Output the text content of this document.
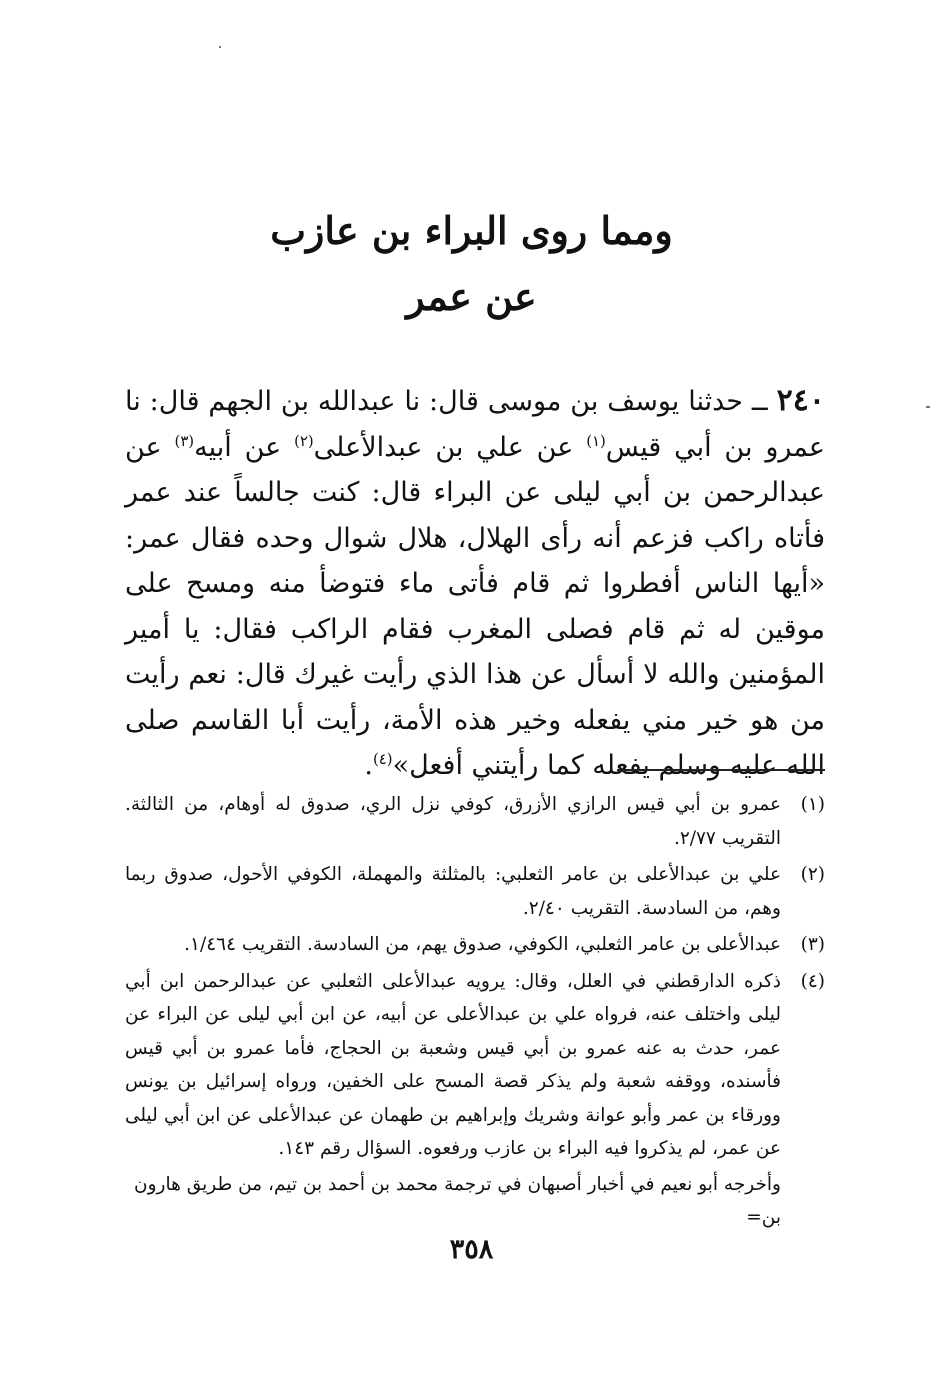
ومما روى البراء بن عازب
عن عمر

٢٤٠ ــ حدثنا يوسف بن موسى قال: نا عبدالله بن الجهم قال: نا عمرو بن أبي قيس$^{(١)}$ عن علي بن عبدالأعلى$^{(٢)}$ عن أبيه$^{(٣)}$ عن عبدالرحمن بن أبي ليلى عن البراء قال: كنت جالساً عند عمر فأتاه راكب فزعم أنه رأى الهلال، هلال شوال وحده فقال عمر: «أيها الناس أفطروا ثم قام فأتى ماء فتوضأ منه ومسح على موقين له ثم قام فصلى المغرب فقام الراكب فقال: يا أمير المؤمنين والله لا أسأل عن هذا الذي رأيت غيرك قال: نعم رأيت من هو خير مني يفعله وخير هذه الأمة، رأيت أبا القاسم صلى الله عليه وسلم يفعله كما رأيتني أفعل»$^{(٤)}$.

(١)
عمرو بن أبي قيس الرازي الأزرق، كوفي نزل الري، صدوق له أوهام، من الثالثة. التقريب ٢/٧٧.
(٢)
علي بن عبدالأعلى بن عامر الثعلبي: بالمثلثة والمهملة، الكوفي الأحول، صدوق ربما وهم، من السادسة. التقريب ٢/٤٠.
(٣)
عبدالأعلى بن عامر الثعلبي، الكوفي، صدوق يهم، من السادسة. التقريب ١/٤٦٤.
(٤)
ذكره الدارقطني في العلل، وقال: يرويه عبدالأعلى الثعلبي عن عبدالرحمن ابن أبي ليلى واختلف عنه، فرواه علي بن عبدالأعلى عن أبيه، عن ابن أبي ليلى عن البراء عن عمر، حدث به عنه عمرو بن أبي قيس وشعبة بن الحجاج، فأما عمرو بن أبي قيس فأسنده، ووقفه شعبة ولم يذكر قصة المسح على الخفين، ورواه إسرائيل بن يونس وورقاء بن عمر وأبو عوانة وشريك وإبراهيم بن طهمان عن عبدالأعلى عن ابن أبي ليلى عن عمر، لم يذكروا فيه البراء بن عازب ورفعوه. السؤال رقم ١٤٣.
وأخرجه أبو نعيم في أخبار أصبهان في ترجمة محمد بن أحمد بن تيم، من طريق هارون بن=
٣٥٨
